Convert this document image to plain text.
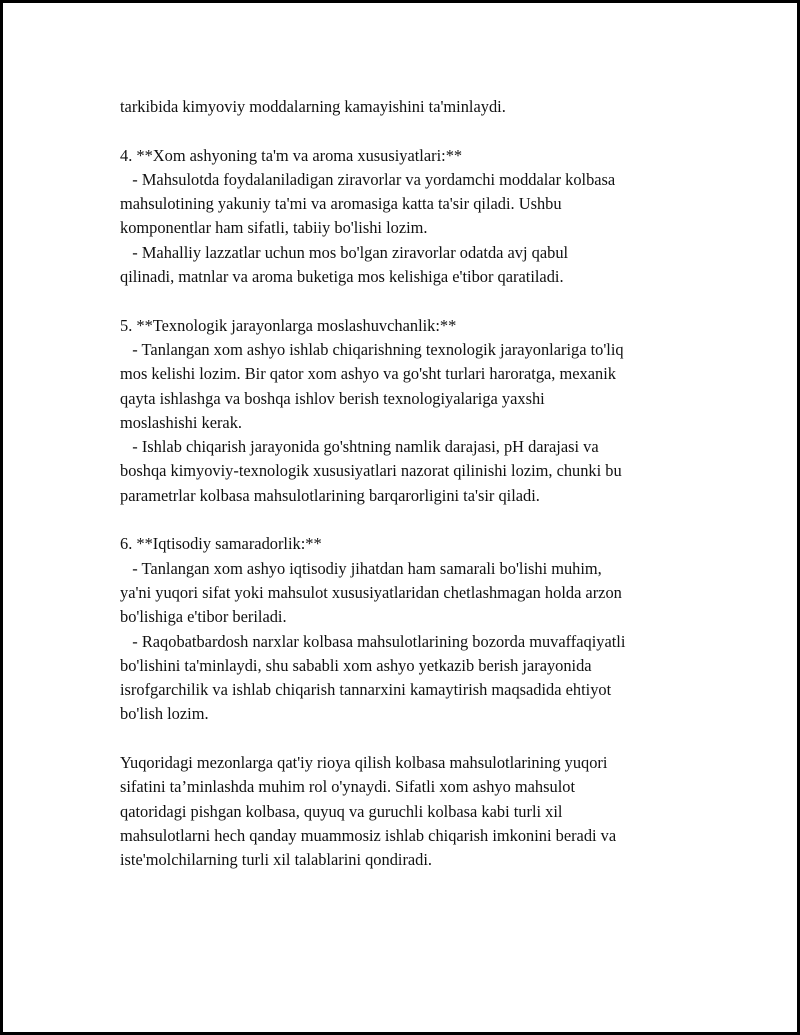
tarkibida kimyoviy moddalarning kamayishini ta'minlaydi.
4. **Xom ashyoning ta'm va aroma xususiyatlari:**
- Mahsulotda foydalaniladigan ziravorlar va yordamchi moddalar kolbasa
mahsulotining yakuniy ta'mi va aromasiga katta ta'sir qiladi. Ushbu
komponentlar ham sifatli, tabiiy bo'lishi lozim.
- Mahalliy lazzatlar uchun mos bo'lgan ziravorlar odatda avj qabul
qilinadi, matnlar va aroma buketiga mos kelishiga e'tibor qaratiladi.
5. **Texnologik jarayonlarga moslashuvchanlik:**
- Tanlangan xom ashyo ishlab chiqarishning texnologik jarayonlariga to'liq
mos kelishi lozim. Bir qator xom ashyo va go'sht turlari haroratga, mexanik
qayta ishlashga va boshqa ishlov berish texnologiyalariga yaxshi
moslashishi kerak.
- Ishlab chiqarish jarayonida go'shtning namlik darajasi, pH darajasi va
boshqa kimyoviy-texnologik xususiyatlari nazorat qilinishi lozim, chunki bu
parametrlar kolbasa mahsulotlarining barqarorligini ta'sir qiladi.
6. **Iqtisodiy samaradorlik:**
- Tanlangan xom ashyo iqtisodiy jihatdan ham samarali bo'lishi muhim,
ya'ni yuqori sifat yoki mahsulot xususiyatlaridan chetlashmagan holda arzon
bo'lishiga e'tibor beriladi.
- Raqobatbardosh narxlar kolbasa mahsulotlarining bozorda muvaffaqiyatli
bo'lishini ta'minlaydi, shu sababli xom ashyo yetkazib berish jarayonida
isrofgarchilik va ishlab chiqarish tannarxini kamaytirish maqsadida ehtiyot
bo'lish lozim.
Yuqoridagi mezonlarga qat'iy rioya qilish kolbasa mahsulotlarining yuqori
sifatini ta’minlashda muhim rol o'ynaydi. Sifatli xom ashyo mahsulot
qatoridagi pishgan kolbasa, quyuq va guruchli kolbasa kabi turli xil
mahsulotlarni hech qanday muammosiz ishlab chiqarish imkonini beradi va
iste'molchilarning turli xil talablarini qondiradi.
